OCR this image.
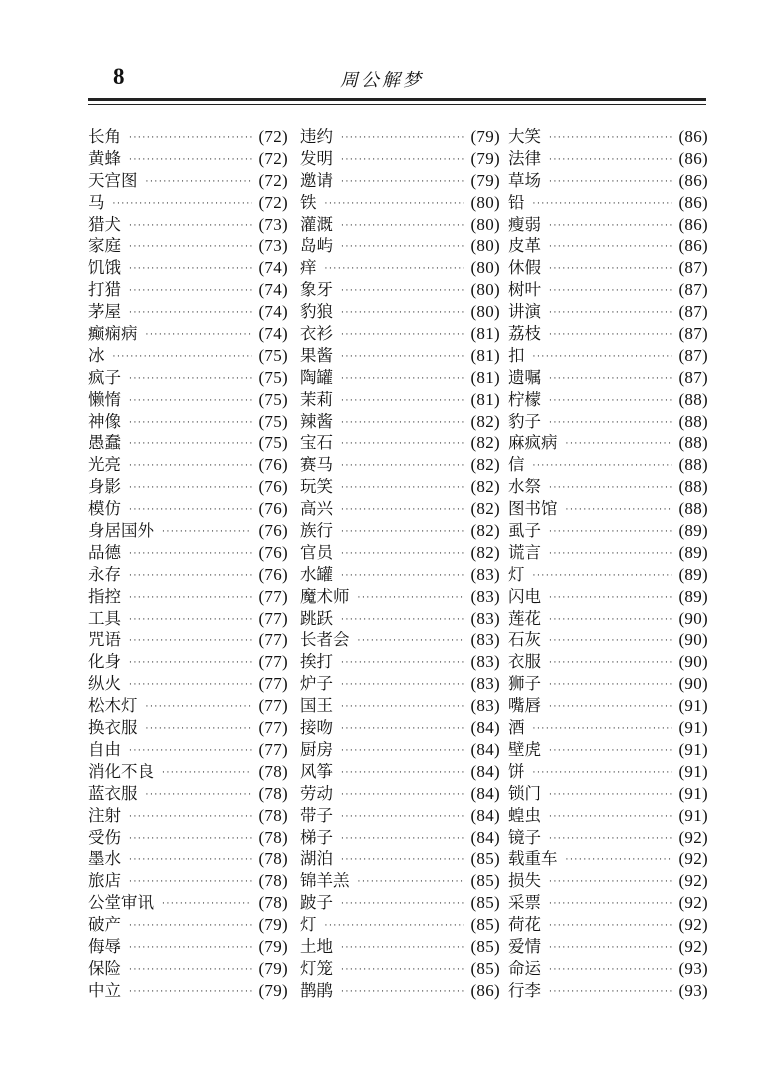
8	周公解梦
长角 ·····	(72)
黄蜂 ·····	(72)
天宫图 ·····	(72)
马 ·····	(72)
猎犬 ·····	(73)
家庭 ·····	(73)
饥饿 ·····	(74)
打猎 ·····	(74)
茅屋 ·····	(74)
癫痫病 ·····	(74)
冰 ·····	(75)
疯子 ·····	(75)
懒惰 ·····	(75)
神像 ·····	(75)
愚蠢 ·····	(75)
光亮 ·····	(76)
身影 ·····	(76)
模仿 ·····	(76)
身居国外 ·····	(76)
品德 ·····	(76)
永存 ·····	(76)
指控 ·····	(77)
工具 ·····	(77)
咒语 ·····	(77)
化身 ·····	(77)
纵火 ·····	(77)
松木灯 ·····	(77)
换衣服 ·····	(77)
自由 ·····	(77)
消化不良 ·····	(78)
蓝衣服 ·····	(78)
注射 ·····	(78)
受伤 ·····	(78)
墨水 ·····	(78)
旅店 ·····	(78)
公堂审讯 ·····	(78)
破产 ·····	(79)
侮辱 ·····	(79)
保险 ·····	(79)
中立 ·····	(79)
违约 ·····	(79)
发明 ·····	(79)
邀请 ·····	(79)
铁 ·····	(80)
灌溉 ·····	(80)
岛屿 ·····	(80)
痒 ·····	(80)
象牙 ·····	(80)
豹狼 ·····	(80)
衣衫 ·····	(81)
果酱 ·····	(81)
陶罐 ·····	(81)
茉莉 ·····	(81)
辣酱 ·····	(82)
宝石 ·····	(82)
赛马 ·····	(82)
玩笑 ·····	(82)
高兴 ·····	(82)
族行 ·····	(82)
官员 ·····	(82)
水罐 ·····	(83)
魔术师 ·····	(83)
跳跃 ·····	(83)
长者会 ·····	(83)
挨打 ·····	(83)
炉子 ·····	(83)
国王 ·····	(83)
接吻 ·····	(84)
厨房 ·····	(84)
风筝 ·····	(84)
劳动 ·····	(84)
带子 ·····	(84)
梯子 ·····	(84)
湖泊 ·····	(85)
锦羊羔 ·····	(85)
跛子 ·····	(85)
灯 ·····	(85)
土地 ·····	(85)
灯笼 ·····	(85)
鹊鹃 ·····	(86)
大笑 ·····	(86)
法律 ·····	(86)
草场 ·····	(86)
铅 ·····	(86)
瘦弱 ·····	(86)
皮革 ·····	(86)
休假 ·····	(87)
树叶 ·····	(87)
讲演 ·····	(87)
荔枝 ·····	(87)
扣 ·····	(87)
遗嘱 ·····	(87)
柠檬 ·····	(88)
豹子 ·····	(88)
麻疯病 ·····	(88)
信 ·····	(88)
水祭 ·····	(88)
图书馆 ·····	(88)
虱子 ·····	(89)
谎言 ·····	(89)
灯 ·····	(89)
闪电 ·····	(89)
莲花 ·····	(90)
石灰 ·····	(90)
衣服 ·····	(90)
狮子 ·····	(90)
嘴唇 ·····	(91)
酒 ·····	(91)
壁虎 ·····	(91)
饼 ·····	(91)
锁门 ·····	(91)
蝗虫 ·····	(91)
镜子 ·····	(92)
载重车 ·····	(92)
损失 ·····	(92)
采票 ·····	(92)
荷花 ·····	(92)
爱情 ·····	(92)
命运 ·····	(93)
行李 ·····	(93)
